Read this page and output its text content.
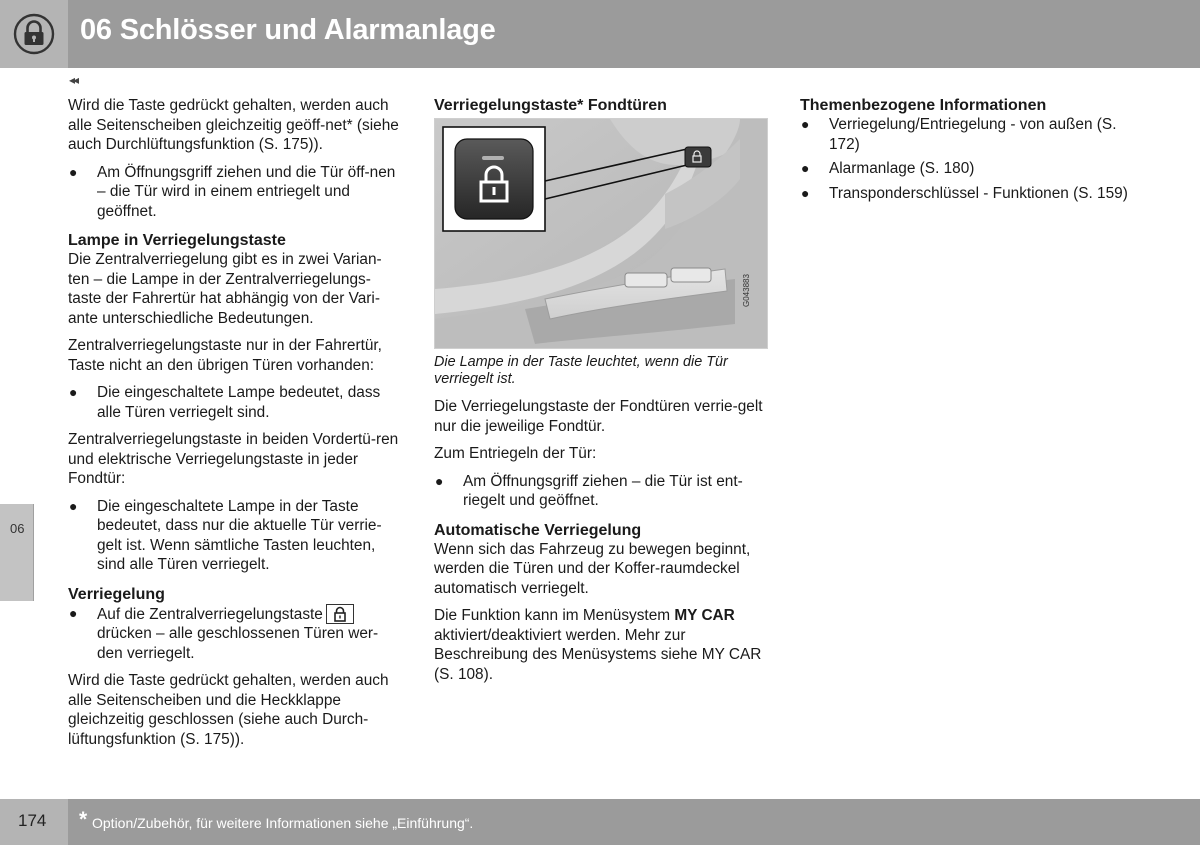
06 Schlösser und Alarmanlage
◂◂
06

Wird die Taste gedrückt gehalten, werden auch alle Seitenscheiben gleichzeitig geöff-net* (siehe auch Durchlüftungsfunktion (S. 175)).

●	Am Öffnungsgriff ziehen und die Tür öff-nen – die Tür wird in einem entriegelt und geöffnet.
Lampe in Verriegelungstaste

Die Zentralverriegelung gibt es in zwei Varian-ten – die Lampe in der Zentralverriegelungs-taste der Fahrertür hat abhängig von der Vari-ante unterschiedliche Bedeutungen.

Zentralverriegelungstaste nur in der Fahrertür, Taste nicht an den übrigen Türen vorhanden:

●	Die eingeschaltete Lampe bedeutet, dass alle Türen verriegelt sind.

Zentralverriegelungstaste in beiden Vordertü-ren und elektrische Verriegelungstaste in jeder Fondtür:

●	Die eingeschaltete Lampe in der Taste bedeutet, dass nur die aktuelle Tür verrie-gelt ist. Wenn sämtliche Tasten leuchten, sind alle Türen verriegelt.
Verriegelung
●	Auf die Zentralverriegelungstaste drücken – alle geschlossenen Türen wer-den verriegelt.

Wird die Taste gedrückt gehalten, werden auch alle Seitenscheiben und die Heckklappe gleichzeitig geschlossen (siehe auch Durch-lüftungsfunktion (S. 175)).

Verriegelungstaste* Fondtüren
G043883
Die Lampe in der Taste leuchtet, wenn die Tür verriegelt ist.

Die Verriegelungstaste der Fondtüren verrie-gelt nur die jeweilige Fondtür.

Zum Entriegeln der Tür:

●	Am Öffnungsgriff ziehen – die Tür ist ent-riegelt und geöffnet.
Automatische Verriegelung

Wenn sich das Fahrzeug zu bewegen beginnt, werden die Türen und der Koffer-raumdeckel automatisch verriegelt.

Die Funktion kann im Menüsystem MY CAR aktiviert/deaktiviert werden. Mehr zur Beschreibung des Menüsystems siehe MY CAR (S. 108).

Themenbezogene Informationen
●	Verriegelung/Entriegelung - von außen (S. 172)
●	Alarmanlage (S. 180)
●	Transponderschlüssel - Funktionen (S. 159)
174 * Option/Zubehör, für weitere Informationen siehe „Einführung“.
